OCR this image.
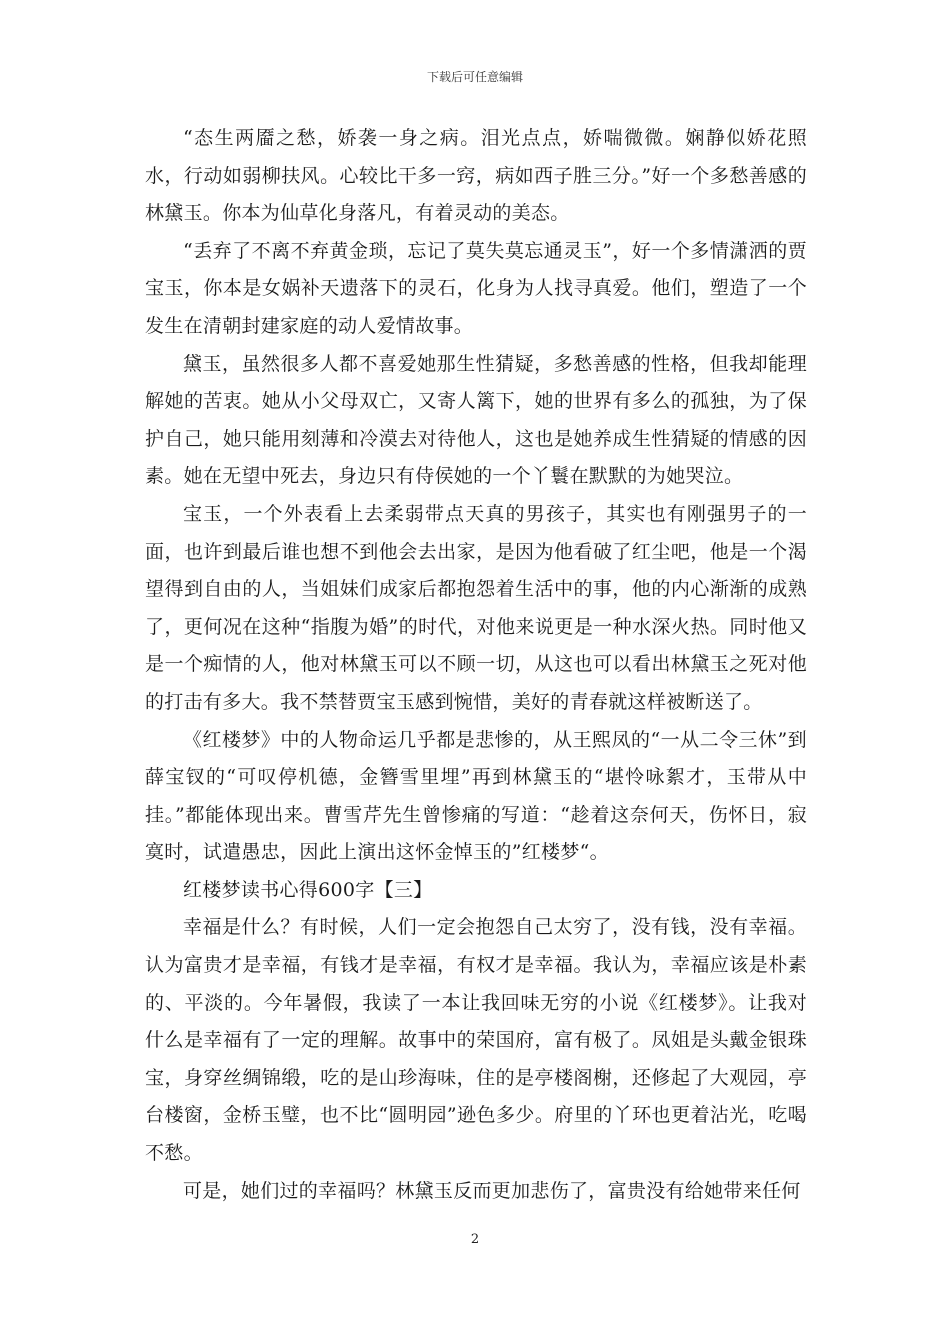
下载后可任意编辑

“态生两靥之愁，娇袭一身之病。泪光点点，娇喘微微。娴静似娇花照水，行动如弱柳扶风。心较比干多一窍，病如西子胜三分。”好一个多愁善感的林黛玉。你本为仙草化身落凡，有着灵动的美态。

“丢弃了不离不弃黄金琐，忘记了莫失莫忘通灵玉”，好一个多情潇洒的贾宝玉，你本是女娲补天遗落下的灵石，化身为人找寻真爱。他们，塑造了一个发生在清朝封建家庭的动人爱情故事。

黛玉，虽然很多人都不喜爱她那生性猜疑，多愁善感的性格，但我却能理解她的苦衷。她从小父母双亡，又寄人篱下，她的世界有多么的孤独，为了保护自己，她只能用刻薄和冷漠去对待他人，这也是她养成生性猜疑的情感的因素。她在无望中死去，身边只有侍侯她的一个丫鬟在默默的为她哭泣。

宝玉，一个外表看上去柔弱带点天真的男孩子，其实也有刚强男子的一面，也许到最后谁也想不到他会去出家，是因为他看破了红尘吧，他是一个渴望得到自由的人，当姐妹们成家后都抱怨着生活中的事，他的内心渐渐的成熟了，更何况在这种“指腹为婚”的时代，对他来说更是一种水深火热。同时他又是一个痴情的人，他对林黛玉可以不顾一切，从这也可以看出林黛玉之死对他的打击有多大。我不禁替贾宝玉感到惋惜，美好的青春就这样被断送了。

《红楼梦》中的人物命运几乎都是悲惨的，从王熙凤的“一从二令三休”到薛宝钗的“可叹停机德，金簪雪里埋”再到林黛玉的“堪怜咏絮才，玉带从中挂。”都能体现出来。曹雪芹先生曾惨痛的写道：“趁着这奈何天，伤怀日，寂寞时，试遣愚忠，因此上演出这怀金悼玉的”红楼梦“。

红楼梦读书心得600字【三】

幸福是什么？有时候，人们一定会抱怨自己太穷了，没有钱，没有幸福。认为富贵才是幸福，有钱才是幸福，有权才是幸福。我认为，幸福应该是朴素的、平淡的。今年暑假，我读了一本让我回味无穷的小说《红楼梦》。让我对什么是幸福有了一定的理解。故事中的荣国府，富有极了。凤姐是头戴金银珠宝，身穿丝绸锦缎，吃的是山珍海味，住的是亭楼阁榭，还修起了大观园，亭台楼窗，金桥玉璧，也不比“圆明园”逊色多少。府里的丫环也更着沾光，吃喝不愁。

可是，她们过的幸福吗？林黛玉反而更加悲伤了，富贵没有给她带来任何

2
